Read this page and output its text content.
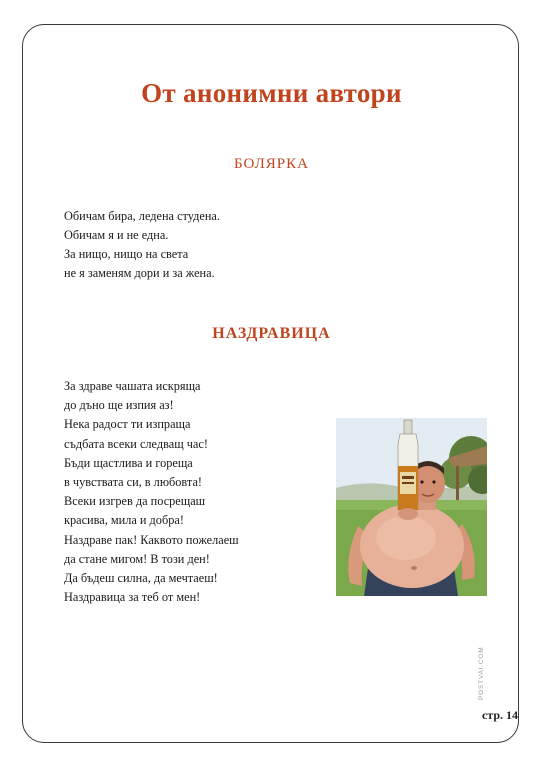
От анонимни автори
БОЛЯРКА
Обичам бира, ледена студена.
Обичам я и не една.
За нищо, нищо на света
не я заменям дори и за жена.
НАЗДРАВИЦА
За здраве чашата искряща
до дъно ще изпия аз!
Нека радост ти изпраща
съдбата всеки следващ час!
Бъди щастлива и гореща
в чувствата си, в любовта!
Всеки изгрев да посрещаш
красива, мила и добра!
Наздраве пак! Каквото пожелаеш
да стане мигом! В този ден!
Да бъдеш силна, да мечтаеш!
Наздравица за теб от мен!
POSTVAI.COM
стр. 14
